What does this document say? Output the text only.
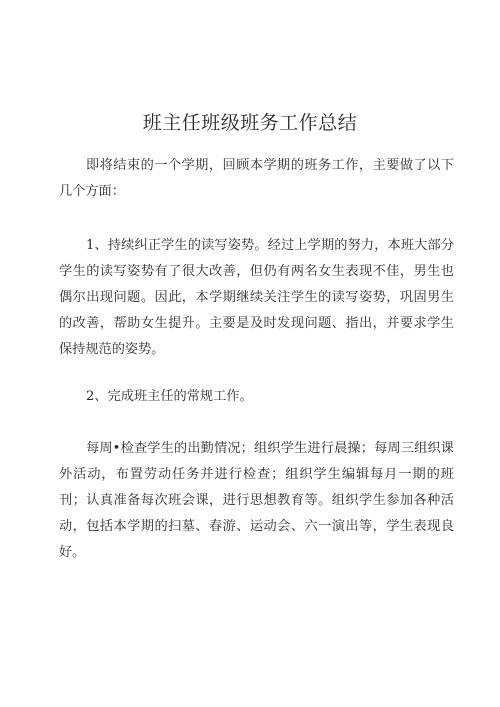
班主任班级班务工作总结

即将结束的一个学期，回顾本学期的班务工作，主要做了以下几个方面：

1、持续纠正学生的读写姿势。经过上学期的努力，本班大部分学生的读写姿势有了很大改善，但仍有两名女生表现不佳，男生也偶尔出现问题。因此，本学期继续关注学生的读写姿势，巩固男生的改善，帮助女生提升。主要是及时发现问题、指出，并要求学生保持规范的姿势。

2、完成班主任的常规工作。

每周•检查学生的出勤情况；组织学生进行晨操；每周三组织课外活动，布置劳动任务并进行检查；组织学生编辑每月一期的班刊；认真准备每次班会课，进行思想教育等。组织学生参加各种活动，包括本学期的扫墓、春游、运动会、六一演出等，学生表现良好。
